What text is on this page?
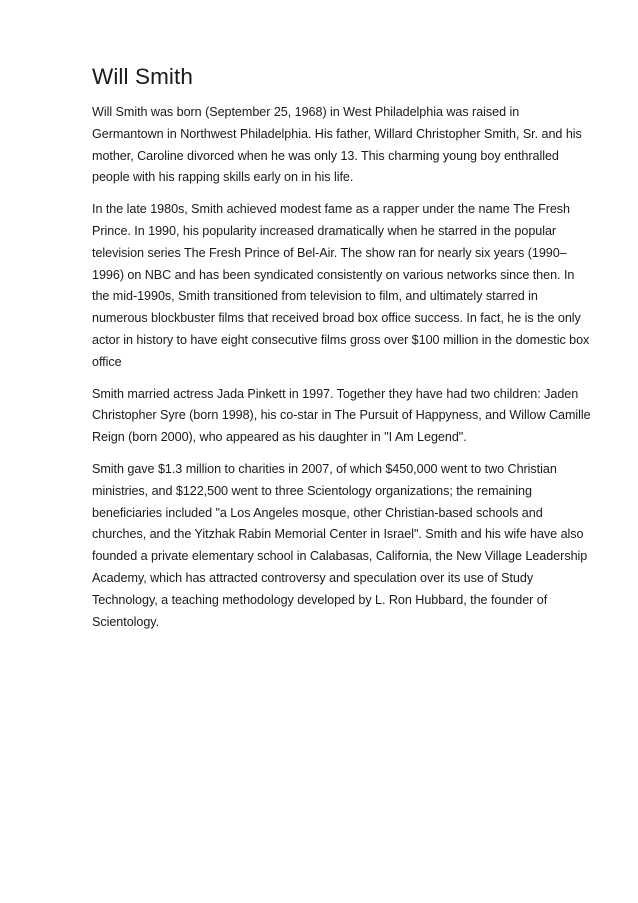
Will Smith

Will Smith was born (September 25, 1968) in West Philadelphia was raised in Germantown in Northwest Philadelphia. His father, Willard Christopher Smith, Sr. and his mother, Caroline divorced when he was only 13. This charming young boy enthralled people with his rapping skills early on in his life.

In the late 1980s, Smith achieved modest fame as a rapper under the name The Fresh Prince. In 1990, his popularity increased dramatically when he starred in the popular television series The Fresh Prince of Bel-Air. The show ran for nearly six years (1990–1996) on NBC and has been syndicated consistently on various networks since then. In the mid-1990s, Smith transitioned from television to film, and ultimately starred in numerous blockbuster films that received broad box office success. In fact, he is the only actor in history to have eight consecutive films gross over $100 million in the domestic box office

Smith married actress Jada Pinkett in 1997. Together they have had two children: Jaden Christopher Syre (born 1998), his co-star in The Pursuit of Happyness, and Willow Camille Reign (born 2000), who appeared as his daughter in "I Am Legend".

Smith gave $1.3 million to charities in 2007, of which $450,000 went to two Christian ministries, and $122,500 went to three Scientology organizations; the remaining beneficiaries included "a Los Angeles mosque, other Christian-based schools and churches, and the Yitzhak Rabin Memorial Center in Israel". Smith and his wife have also founded a private elementary school in Calabasas, California, the New Village Leadership Academy, which has attracted controversy and speculation over its use of Study Technology, a teaching methodology developed by L. Ron Hubbard, the founder of Scientology.
